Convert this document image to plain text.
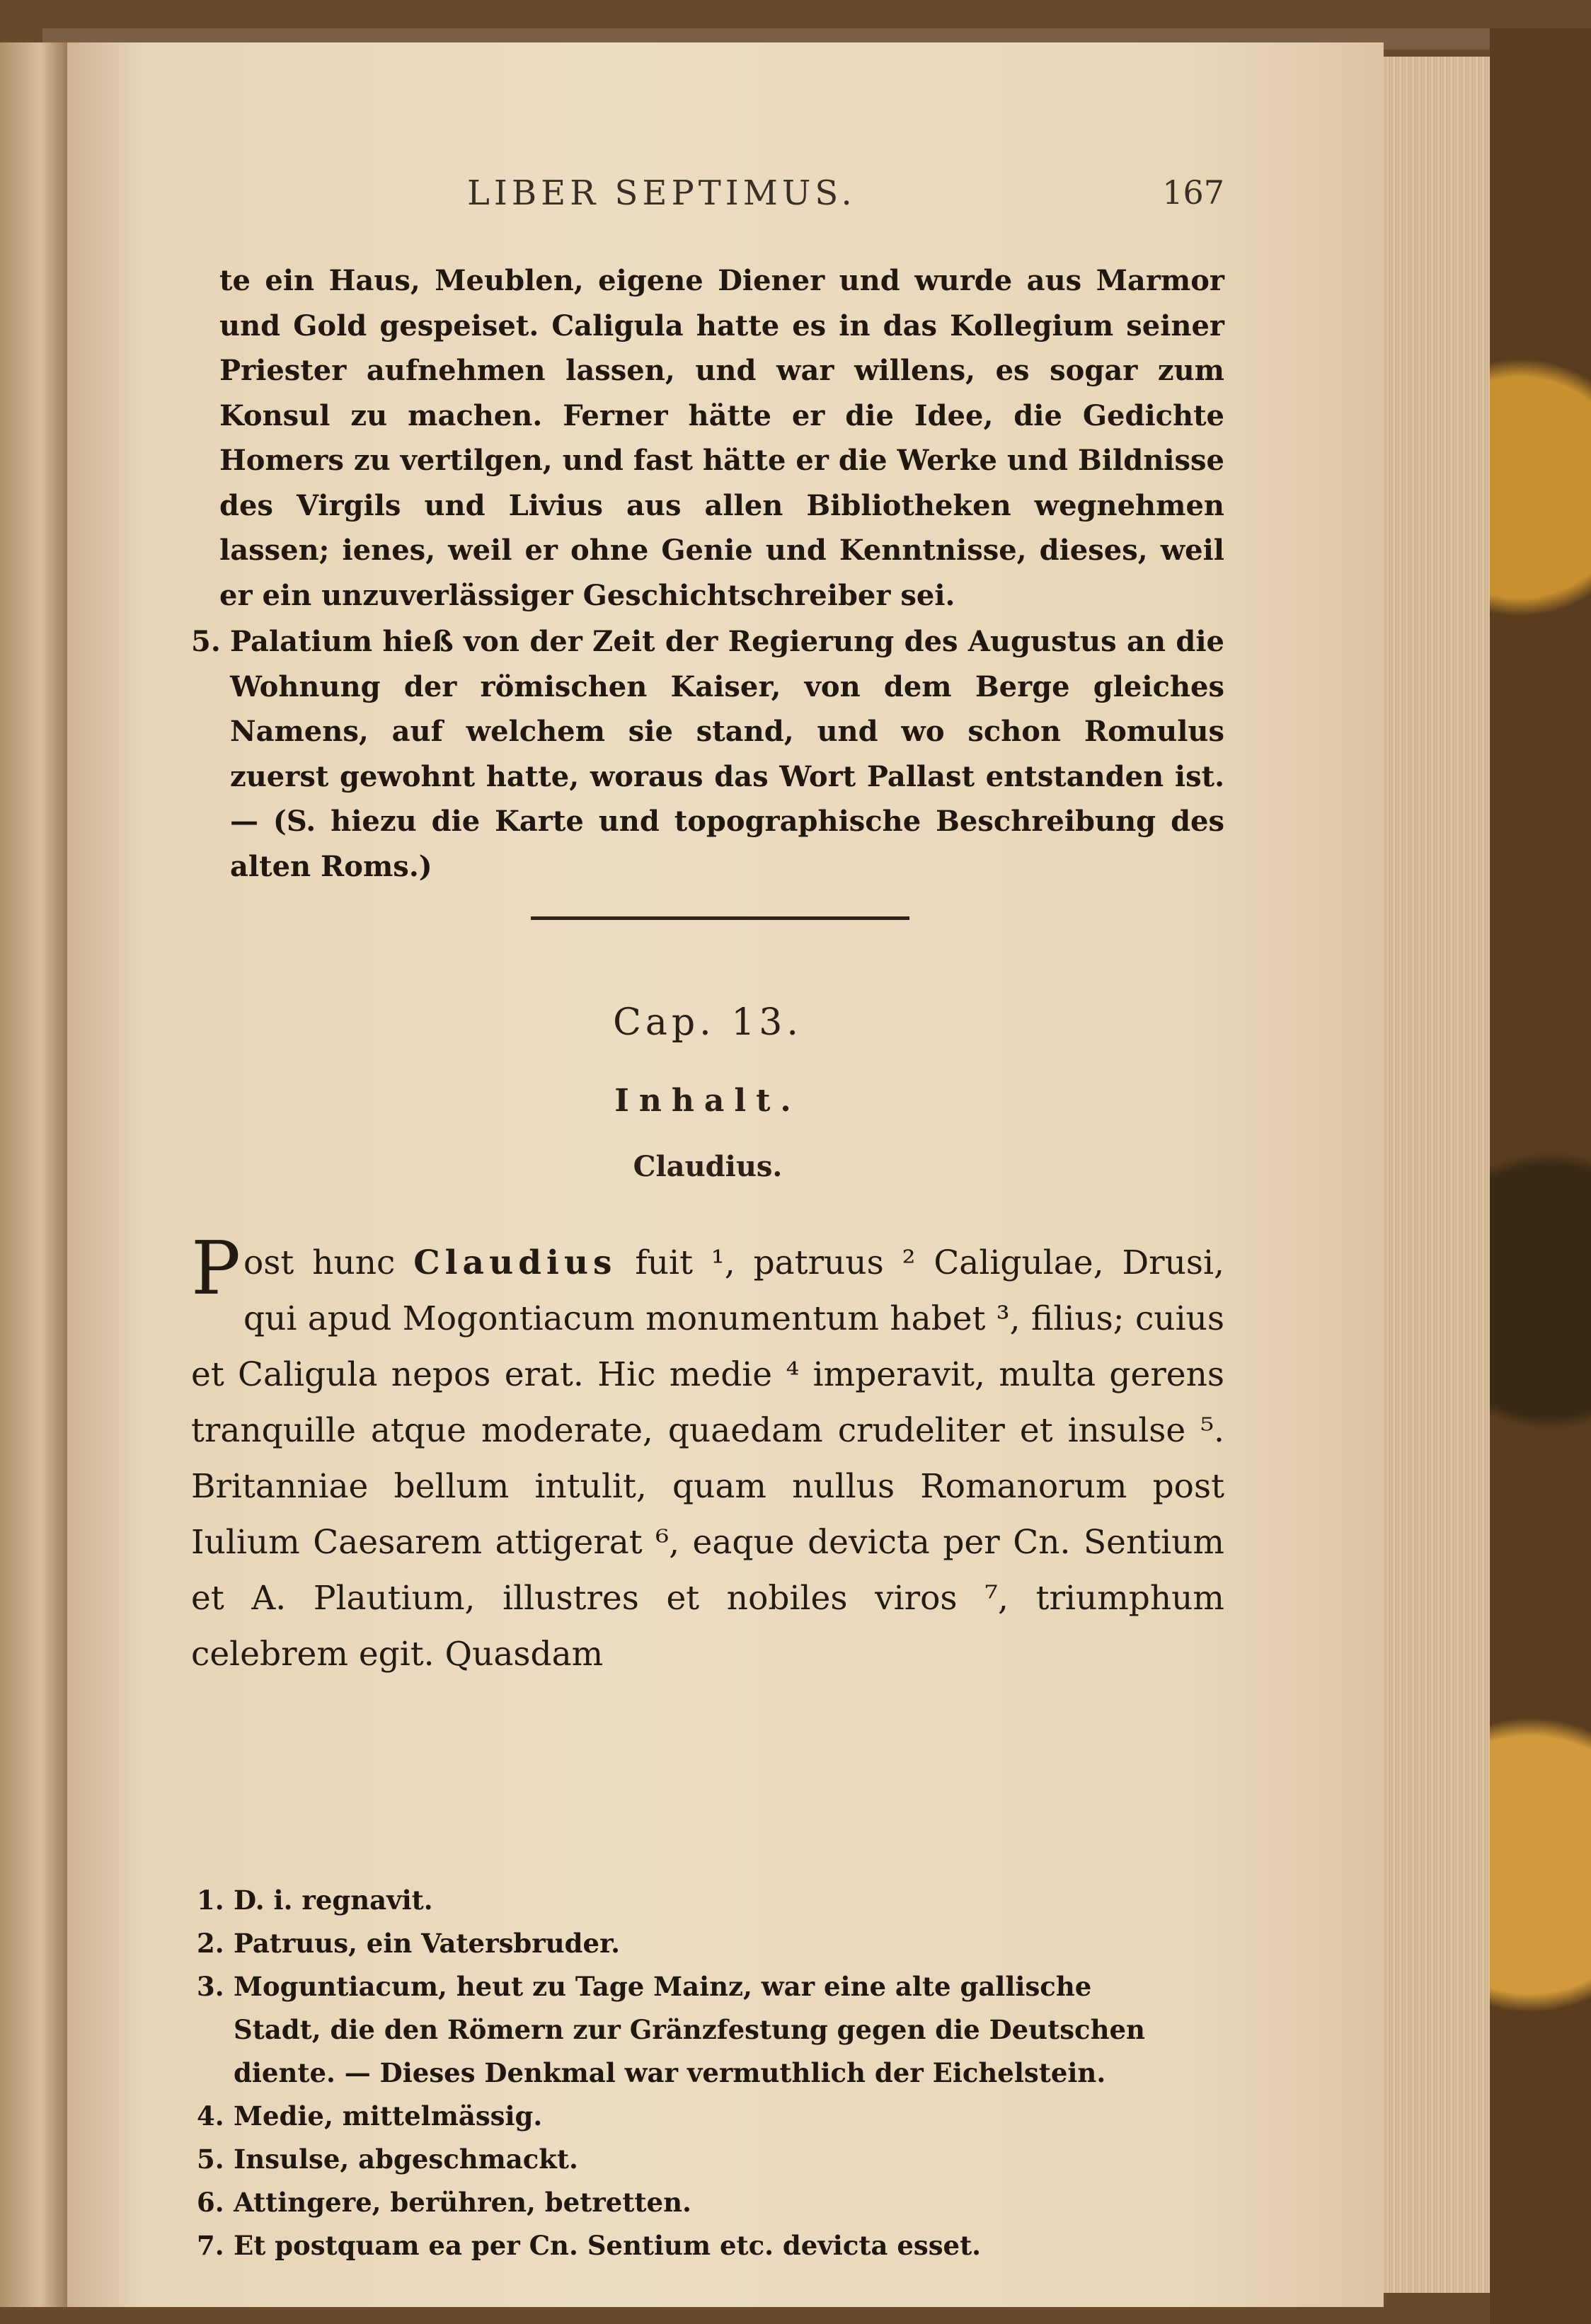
LIBER SEPTIMUS.	167
te ein Haus, Meublen, eigene Diener und wurde aus Marmor und Gold gespeiset. Caligula hatte es in das Kollegium seiner Priester aufnehmen lassen, und war willens, es sogar zum Konsul zu machen. Ferner hätte er die Idee, die Gedichte Homers zu vertilgen, und fast hätte er die Werke und Bildnisse des Virgils und Livius aus allen Bibliotheken wegnehmen lassen; ienes, weil er ohne Genie und Kenntnisse, dieses, weil er ein unzuverlässiger Geschichtschreiber sei.
5. Palatium hieß von der Zeit der Regierung des Augustus an die Wohnung der römischen Kaiser, von dem Berge gleiches Namens, auf welchem sie stand, und wo schon Romulus zuerst gewohnt hatte, woraus das Wort Pallast entstanden ist. — (S. hiezu die Karte und topographische Beschreibung des alten Roms.)
Cap. 13.
Inhalt.
Claudius.
Post hunc Claudius fuit ¹, patruus ² Caligulae, Drusi, qui apud Mogontiacum monumentum habet ³, filius; cuius et Caligula nepos erat. Hic medie ⁴ imperavit, multa gerens tranquille atque moderate, quaedam crudeliter et insulse ⁵. Britanniae bellum intulit, quam nullus Romanorum post Iulium Caesarem attigerat ⁶, eaque devicta per Cn. Sentium et A. Plautium, illustres et nobiles viros ⁷, triumphum celebrem egit. Quasdam
1. D. i. regnavit.
2. Patruus, ein Vatersbruder.
3. Moguntiacum, heut zu Tage Mainz, war eine alte gallische
Stadt, die den Römern zur Gränzfestung gegen die Deutschen
diente. — Dieses Denkmal war vermuthlich der Eichelstein.
4. Medie, mittelmässig.
5. Insulse, abgeschmackt.
6. Attingere, berühren, betretten.
7. Et postquam ea per Cn. Sentium etc. devicta esset.
